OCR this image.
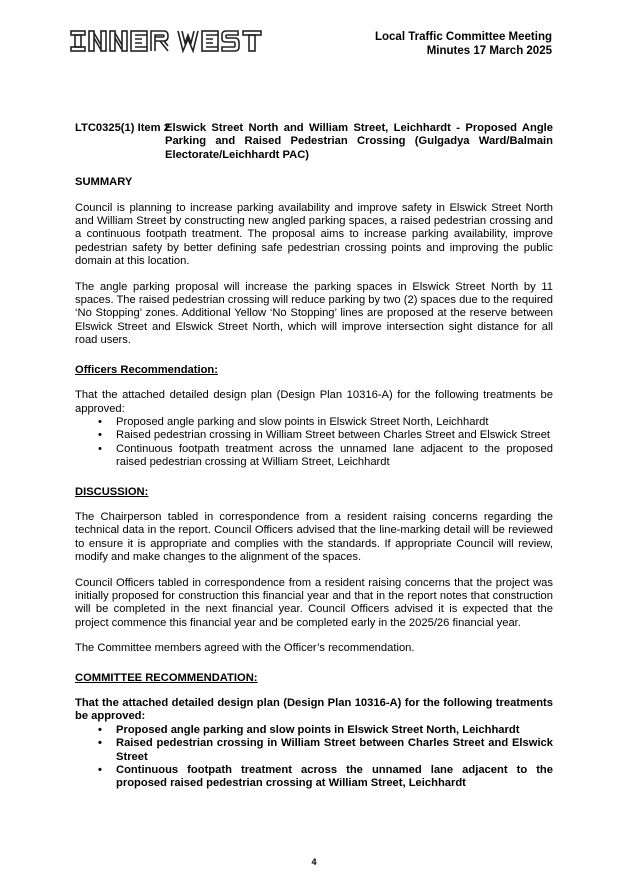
Local Traffic Committee Meeting
Minutes 17 March 2025
LTC0325(1) Item 2
Elswick Street North and William Street, Leichhardt - Proposed Angle Parking and Raised Pedestrian Crossing (Gulgadya Ward/Balmain Electorate/Leichhardt PAC)
SUMMARY

Council is planning to increase parking availability and improve safety in Elswick Street North and William Street by constructing new angled parking spaces, a raised pedestrian crossing and a continuous footpath treatment. The proposal aims to increase parking availability, improve pedestrian safety by better defining safe pedestrian crossing points and improving the public domain at this location.

The angle parking proposal will increase the parking spaces in Elswick Street North by 11 spaces. The raised pedestrian crossing will reduce parking by two (2) spaces due to the required ‘No Stopping’ zones. Additional Yellow ‘No Stopping’ lines are proposed at the reserve between Elswick Street and Elswick Street North, which will improve intersection sight distance for all road users.

Officers Recommendation:

That the attached detailed design plan (Design Plan 10316-A) for the following treatments be approved:

• Proposed angle parking and slow points in Elswick Street North, Leichhardt
• Raised pedestrian crossing in William Street between Charles Street and Elswick Street
• Continuous footpath treatment across the unnamed lane adjacent to the proposed raised pedestrian crossing at William Street, Leichhardt
DISCUSSION:

The Chairperson tabled in correspondence from a resident raising concerns regarding the technical data in the report. Council Officers advised that the line-marking detail will be reviewed to ensure it is appropriate and complies with the standards. If appropriate Council will review, modify and make changes to the alignment of the spaces.

Council Officers tabled in correspondence from a resident raising concerns that the project was initially proposed for construction this financial year and that in the report notes that construction will be completed in the next financial year. Council Officers advised it is expected that the project commence this financial year and be completed early in the 2025/26 financial year.

The Committee members agreed with the Officer’s recommendation.

COMMITTEE RECOMMENDATION:

That the attached detailed design plan (Design Plan 10316-A) for the following treatments be approved:

• Proposed angle parking and slow points in Elswick Street North, Leichhardt
• Raised pedestrian crossing in William Street between Charles Street and Elswick Street
• Continuous footpath treatment across the unnamed lane adjacent to the proposed raised pedestrian crossing at William Street, Leichhardt
4
